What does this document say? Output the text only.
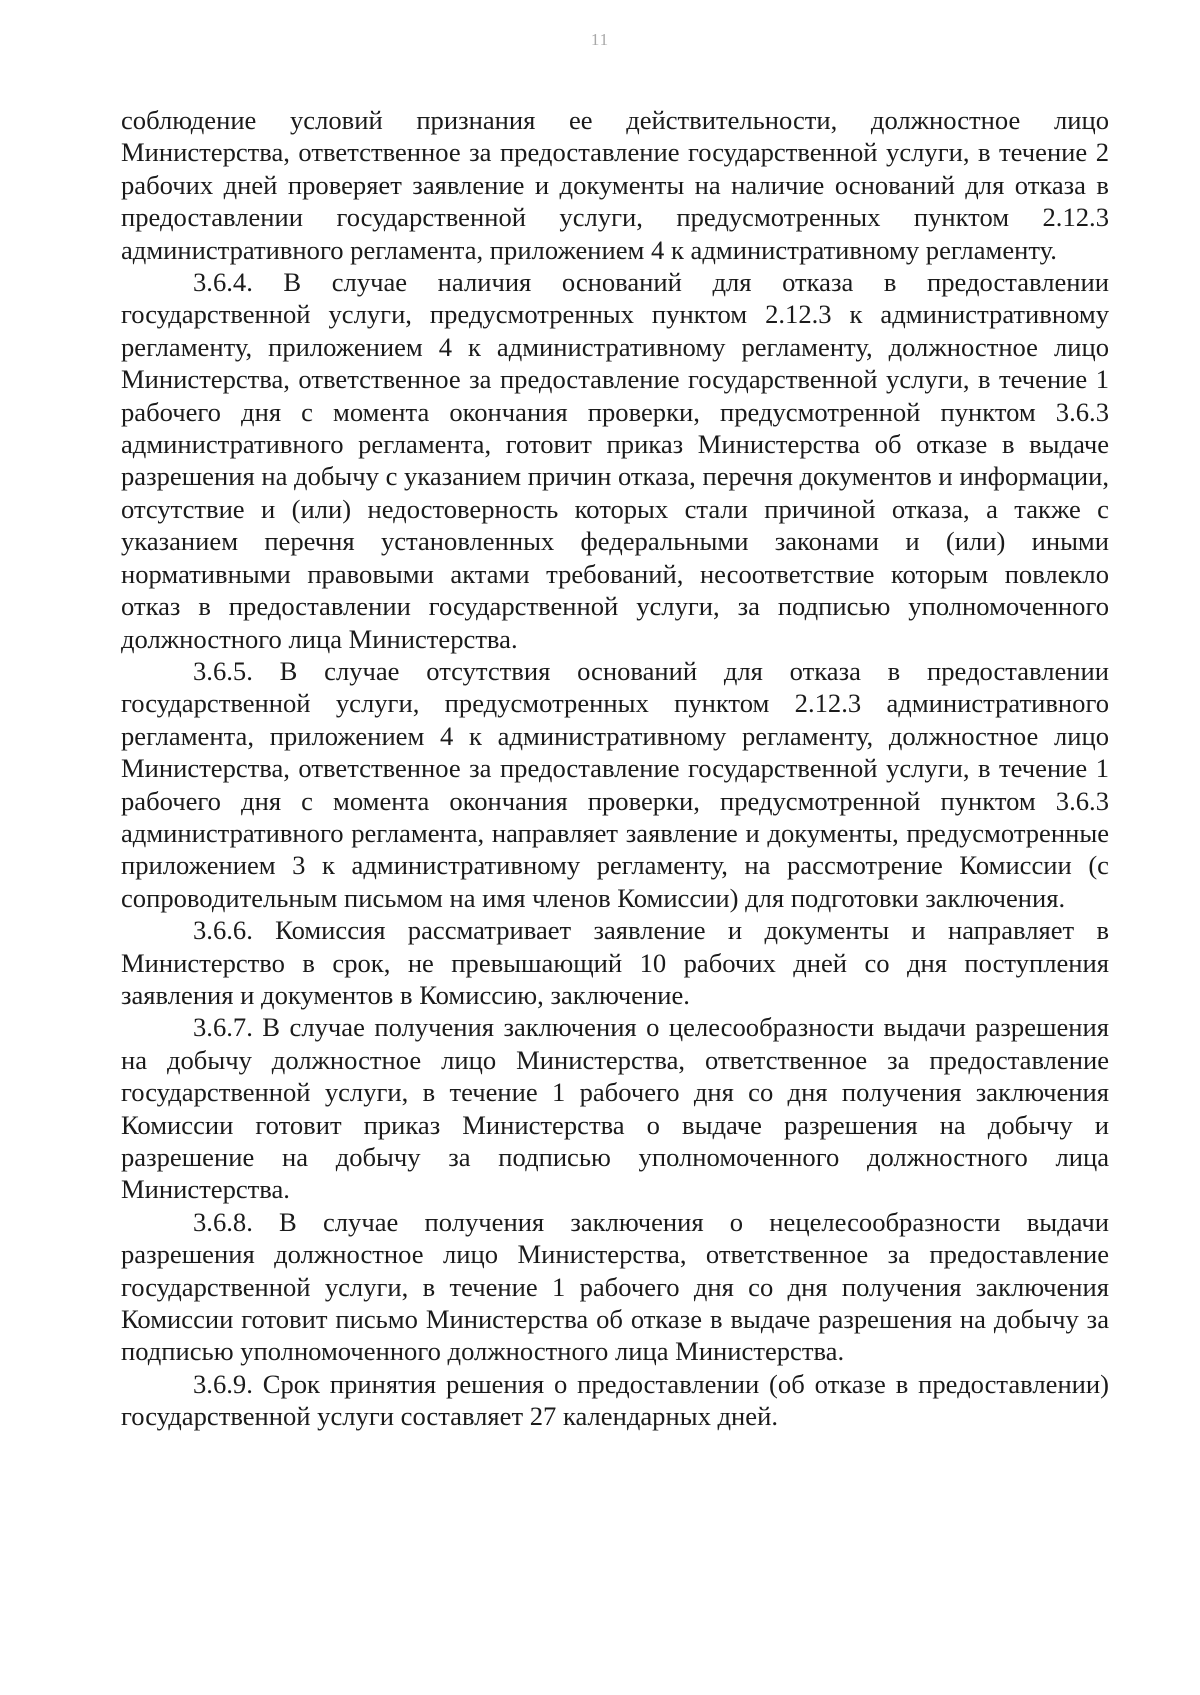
11

соблюдение условий признания ее действительности, должностное лицо Министерства, ответственное за предоставление государственной услуги, в течение 2 рабочих дней проверяет заявление и документы на наличие оснований для отказа в предоставлении государственной услуги, предусмотренных пунктом 2.12.3 административного регламента, приложением 4 к административному регламенту.

3.6.4. В случае наличия оснований для отказа в предоставлении государственной услуги, предусмотренных пунктом 2.12.3 к административному регламенту, приложением 4 к административному регламенту, должностное лицо Министерства, ответственное за предоставление государственной услуги, в течение 1 рабочего дня с момента окончания проверки, предусмотренной пунктом 3.6.3 административного регламента, готовит приказ Министерства об отказе в выдаче разрешения на добычу с указанием причин отказа, перечня документов и информации, отсутствие и (или) недостоверность которых стали причиной отказа, а также с указанием перечня установленных федеральными законами и (или) иными нормативными правовыми актами требований, несоответствие которым повлекло отказ в предоставлении государственной услуги, за подписью уполномоченного должностного лица Министерства.

3.6.5. В случае отсутствия оснований для отказа в предоставлении государственной услуги, предусмотренных пунктом 2.12.3 административного регламента, приложением 4 к административному регламенту, должностное лицо Министерства, ответственное за предоставление государственной услуги, в течение 1 рабочего дня с момента окончания проверки, предусмотренной пунктом 3.6.3 административного регламента, направляет заявление и документы, предусмотренные приложением 3 к административному регламенту, на рассмотрение Комиссии (с сопроводительным письмом на имя членов Комиссии) для подготовки заключения.

3.6.6. Комиссия рассматривает заявление и документы и направляет в Министерство в срок, не превышающий 10 рабочих дней со дня поступления заявления и документов в Комиссию, заключение.

3.6.7. В случае получения заключения о целесообразности выдачи разрешения на добычу должностное лицо Министерства, ответственное за предоставление государственной услуги, в течение 1 рабочего дня со дня получения заключения Комиссии готовит приказ Министерства о выдаче разрешения на добычу и разрешение на добычу за подписью уполномоченного должностного лица Министерства.

3.6.8. В случае получения заключения о нецелесообразности выдачи разрешения должностное лицо Министерства, ответственное за предоставление государственной услуги, в течение 1 рабочего дня со дня получения заключения Комиссии готовит письмо Министерства об отказе в выдаче разрешения на добычу за подписью уполномоченного должностного лица Министерства.

3.6.9. Срок принятия решения о предоставлении (об отказе в предоставлении) государственной услуги составляет 27 календарных дней.
